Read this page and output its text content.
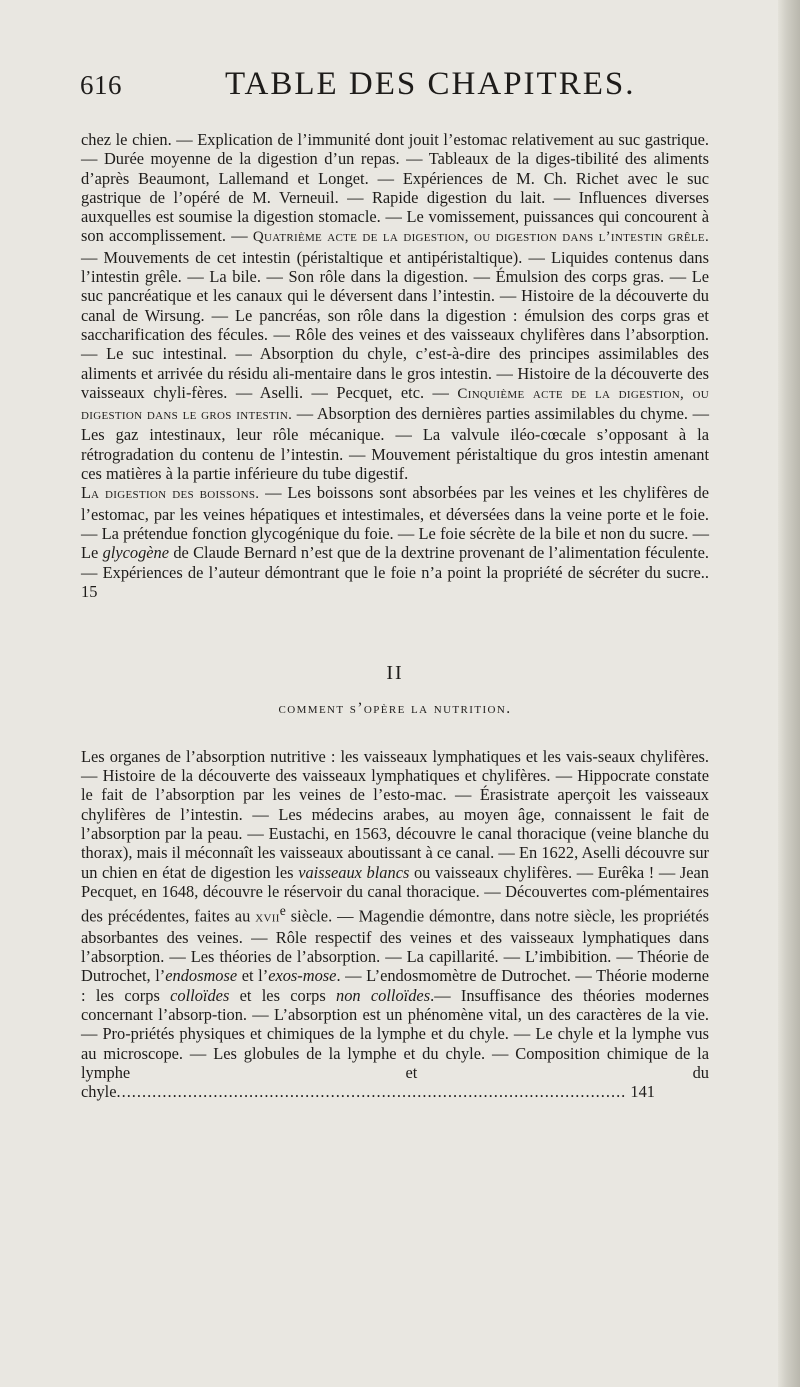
616	TABLE DES CHAPITRES.

chez le chien. — Explication de l’immunité dont jouit l’estomac relativement au suc gastrique. — Durée moyenne de la digestion d’un repas. — Tableaux de la diges-tibilité des aliments d’après Beaumont, Lallemand et Longet. — Expériences de M. Ch. Richet avec le suc gastrique de l’opéré de M. Verneuil. — Rapide digestion du lait. — Influences diverses auxquelles est soumise la digestion stomacle. — Le vomissement, puissances qui concourent à son accomplissement. — Quatrième acte de la digestion, ou digestion dans l’intestin grêle. — Mouvements de cet intestin (péristaltique et antipéristaltique). — Liquides contenus dans l’intestin grêle. — La bile. — Son rôle dans la digestion. — Émulsion des corps gras. — Le suc pancréatique et les canaux qui le déversent dans l’intestin. — Histoire de la découverte du canal de Wirsung. — Le pancréas, son rôle dans la digestion : émulsion des corps gras et saccharification des fécules. — Rôle des veines et des vaisseaux chylifères dans l’absorption. — Le suc intestinal. — Absorption du chyle, c’est-à-dire des principes assimilables des aliments et arrivée du résidu ali-mentaire dans le gros intestin. — Histoire de la découverte des vaisseaux chyli-fères. — Aselli. — Pecquet, etc. — Cinquième acte de la digestion, ou digestion dans le gros intestin. — Absorption des dernières parties assimilables du chyme. — Les gaz intestinaux, leur rôle mécanique. — La valvule iléo-cœcale s’opposant à la rétrogradation du contenu de l’intestin. — Mouvement péristaltique du gros intestin amenant ces matières à la partie inférieure du tube digestif.

La digestion des boissons. — Les boissons sont absorbées par les veines et les chylifères de l’estomac, par les veines hépatiques et intestimales, et déversées dans la veine porte et le foie. — La prétendue fonction glycogénique du foie. — Le foie sécrète de la bile et non du sucre. — Le glycogène de Claude Bernard n’est que de la dextrine provenant de l’alimentation féculente. — Expériences de l’auteur démontrant que le foie n’a point la propriété de sécréter du sucre.. 15

II
comment s’opère la nutrition.

Les organes de l’absorption nutritive : les vaisseaux lymphatiques et les vais-seaux chylifères. — Histoire de la découverte des vaisseaux lymphatiques et chylifères. — Hippocrate constate le fait de l’absorption par les veines de l’esto-mac. — Érasistrate aperçoit les vaisseaux chylifères de l’intestin. — Les médecins arabes, au moyen âge, connaissent le fait de l’absorption par la peau. — Eustachi, en 1563, découvre le canal thoracique (veine blanche du thorax), mais il méconnaît les vaisseaux aboutissant à ce canal. — En 1622, Aselli découvre sur un chien en état de digestion les vaisseaux blancs ou vaisseaux chylifères. — Eurêka ! — Jean Pecquet, en 1648, découvre le réservoir du canal thoracique. — Découvertes com-plémentaires des précédentes, faites au xvii$^e$ siècle. — Magendie démontre, dans notre siècle, les propriétés absorbantes des veines. — Rôle respectif des veines et des vaisseaux lymphatiques dans l’absorption. — Les théories de l’absorption. — La capillarité. — L’imbibition. — Théorie de Dutrochet, l’endosmose et l’exos-mose. — L’endosmomètre de Dutrochet. — Théorie moderne : les corps colloïdes et les corps non colloïdes.— Insuffisance des théories modernes concernant l’absorp-tion. — L’absorption est un phénomène vital, un des caractères de la vie. — Pro-priétés physiques et chimiques de la lymphe et du chyle. — Le chyle et la lymphe vus au microscope. — Les globules de la lymphe et du chyle. — Composition chimique de la lymphe et du chyle.................................................................................................... 141
